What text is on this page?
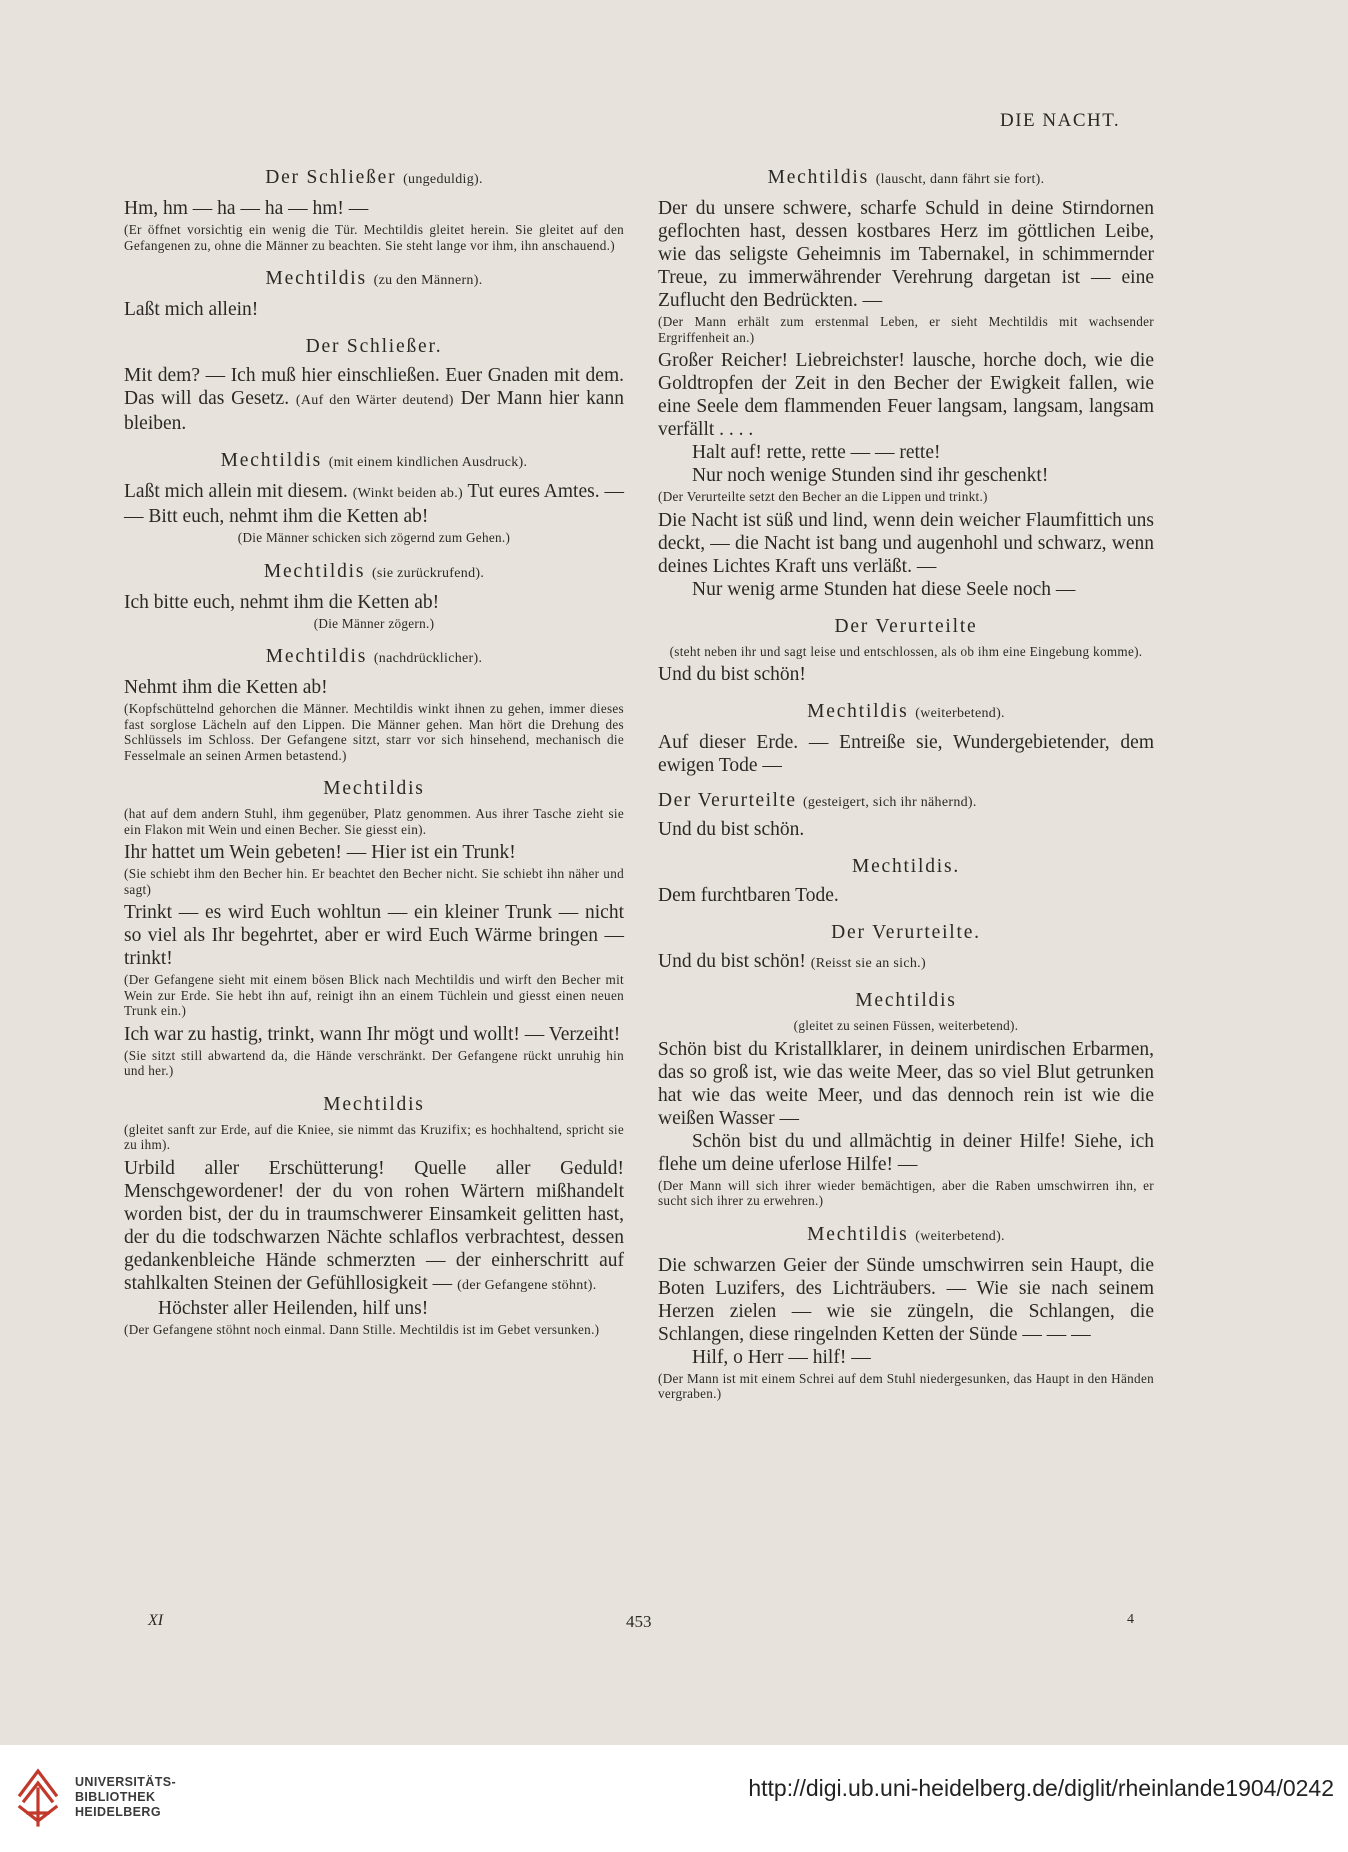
DIE NACHT.
Der Schließer (ungeduldig).

Hm, hm — ha — ha — hm! —

(Er öffnet vorsichtig ein wenig die Tür. Mechtildis gleitet herein. Sie gleitet auf den Gefangenen zu, ohne die Männer zu beachten. Sie steht lange vor ihm, ihn anschauend.)
Mechtildis (zu den Männern).

Laßt mich allein!

Der Schließer.

Mit dem? — Ich muß hier einschließen. Euer Gnaden mit dem. Das will das Gesetz. (Auf den Wärter deutend) Der Mann hier kann bleiben.

Mechtildis (mit einem kindlichen Ausdruck).

Laßt mich allein mit diesem. (Winkt beiden ab.) Tut eures Amtes. — — Bitt euch, nehmt ihm die Ketten ab!

(Die Männer schicken sich zögernd zum Gehen.)
Mechtildis (sie zurückrufend).

Ich bitte euch, nehmt ihm die Ketten ab!

(Die Männer zögern.)
Mechtildis (nachdrücklicher).

Nehmt ihm die Ketten ab!

(Kopfschüttelnd gehorchen die Männer. Mechtildis winkt ihnen zu gehen, immer dieses fast sorglose Lächeln auf den Lippen. Die Männer gehen. Man hört die Drehung des Schlüssels im Schloss. Der Gefangene sitzt, starr vor sich hinsehend, mechanisch die Fesselmale an seinen Armen betastend.)
Mechtildis
(hat auf dem andern Stuhl, ihm gegenüber, Platz genommen. Aus ihrer Tasche zieht sie ein Flakon mit Wein und einen Becher. Sie giesst ein).

Ihr hattet um Wein gebeten! — Hier ist ein Trunk!

(Sie schiebt ihm den Becher hin. Er beachtet den Becher nicht. Sie schiebt ihn näher und sagt)

Trinkt — es wird Euch wohltun — ein kleiner Trunk — nicht so viel als Ihr begehrtet, aber er wird Euch Wärme bringen — trinkt!

(Der Gefangene sieht mit einem bösen Blick nach Mechtildis und wirft den Becher mit Wein zur Erde. Sie hebt ihn auf, reinigt ihn an einem Tüchlein und giesst einen neuen Trunk ein.)

Ich war zu hastig, trinkt, wann Ihr mögt und wollt! — Verzeiht!

(Sie sitzt still abwartend da, die Hände verschränkt. Der Gefangene rückt unruhig hin und her.)
Mechtildis
(gleitet sanft zur Erde, auf die Kniee, sie nimmt das Kruzifix; es hochhaltend, spricht sie zu ihm).

Urbild aller Erschütterung! Quelle aller Geduld! Menschgewordener! der du von rohen Wärtern mißhandelt worden bist, der du in traumschwerer Einsamkeit gelitten hast, der du die todschwarzen Nächte schlaflos verbrachtest, dessen gedankenbleiche Hände schmerzten — der einherschritt auf stahlkalten Steinen der Gefühllosigkeit — (der Gefangene stöhnt).

Höchster aller Heilenden, hilf uns!

(Der Gefangene stöhnt noch einmal. Dann Stille. Mechtildis ist im Gebet versunken.)
Mechtildis (lauscht, dann fährt sie fort).

Der du unsere schwere, scharfe Schuld in deine Stirndornen geflochten hast, dessen kostbares Herz im göttlichen Leibe, wie das seligste Geheimnis im Tabernakel, in schimmernder Treue, zu immerwährender Verehrung dargetan ist — eine Zuflucht den Bedrückten. —

(Der Mann erhält zum erstenmal Leben, er sieht Mechtildis mit wachsender Ergriffenheit an.)

Großer Reicher! Liebreichster! lausche, horche doch, wie die Goldtropfen der Zeit in den Becher der Ewigkeit fallen, wie eine Seele dem flammenden Feuer langsam, langsam, langsam verfällt . . . .

Halt auf! rette, rette — — rette!

Nur noch wenige Stunden sind ihr geschenkt!

(Der Verurteilte setzt den Becher an die Lippen und trinkt.)

Die Nacht ist süß und lind, wenn dein weicher Flaumfittich uns deckt, — die Nacht ist bang und augenhohl und schwarz, wenn deines Lichtes Kraft uns verläßt. —

Nur wenig arme Stunden hat diese Seele noch —

Der Verurteilte
(steht neben ihr und sagt leise und entschlossen, als ob ihm eine Eingebung komme).

Und du bist schön!

Mechtildis (weiterbetend).

Auf dieser Erde. — Entreiße sie, Wundergebietender, dem ewigen Tode —

Der Verurteilte (gesteigert, sich ihr nähernd).

Und du bist schön.

Mechtildis.

Dem furchtbaren Tode.

Der Verurteilte.

Und du bist schön! (Reisst sie an sich.)

Mechtildis
(gleitet zu seinen Füssen, weiterbetend).

Schön bist du Kristallklarer, in deinem unirdischen Erbarmen, das so groß ist, wie das weite Meer, das so viel Blut getrunken hat wie das weite Meer, und das dennoch rein ist wie die weißen Wasser —

Schön bist du und allmächtig in deiner Hilfe! Siehe, ich flehe um deine uferlose Hilfe! —

(Der Mann will sich ihrer wieder bemächtigen, aber die Raben umschwirren ihn, er sucht sich ihrer zu erwehren.)
Mechtildis (weiterbetend).

Die schwarzen Geier der Sünde umschwirren sein Haupt, die Boten Luzifers, des Lichträubers. — Wie sie nach seinem Herzen zielen — wie sie züngeln, die Schlangen, die Schlangen, diese ringelnden Ketten der Sünde — — —

Hilf, o Herr — hilf! —

(Der Mann ist mit einem Schrei auf dem Stuhl niedergesunken, das Haupt in den Händen vergraben.)
XI	453	4
UNIVERSITÄTS-
BIBLIOTHEK
HEIDELBERG
http://digi.ub.uni-heidelberg.de/diglit/rheinlande1904/0242
